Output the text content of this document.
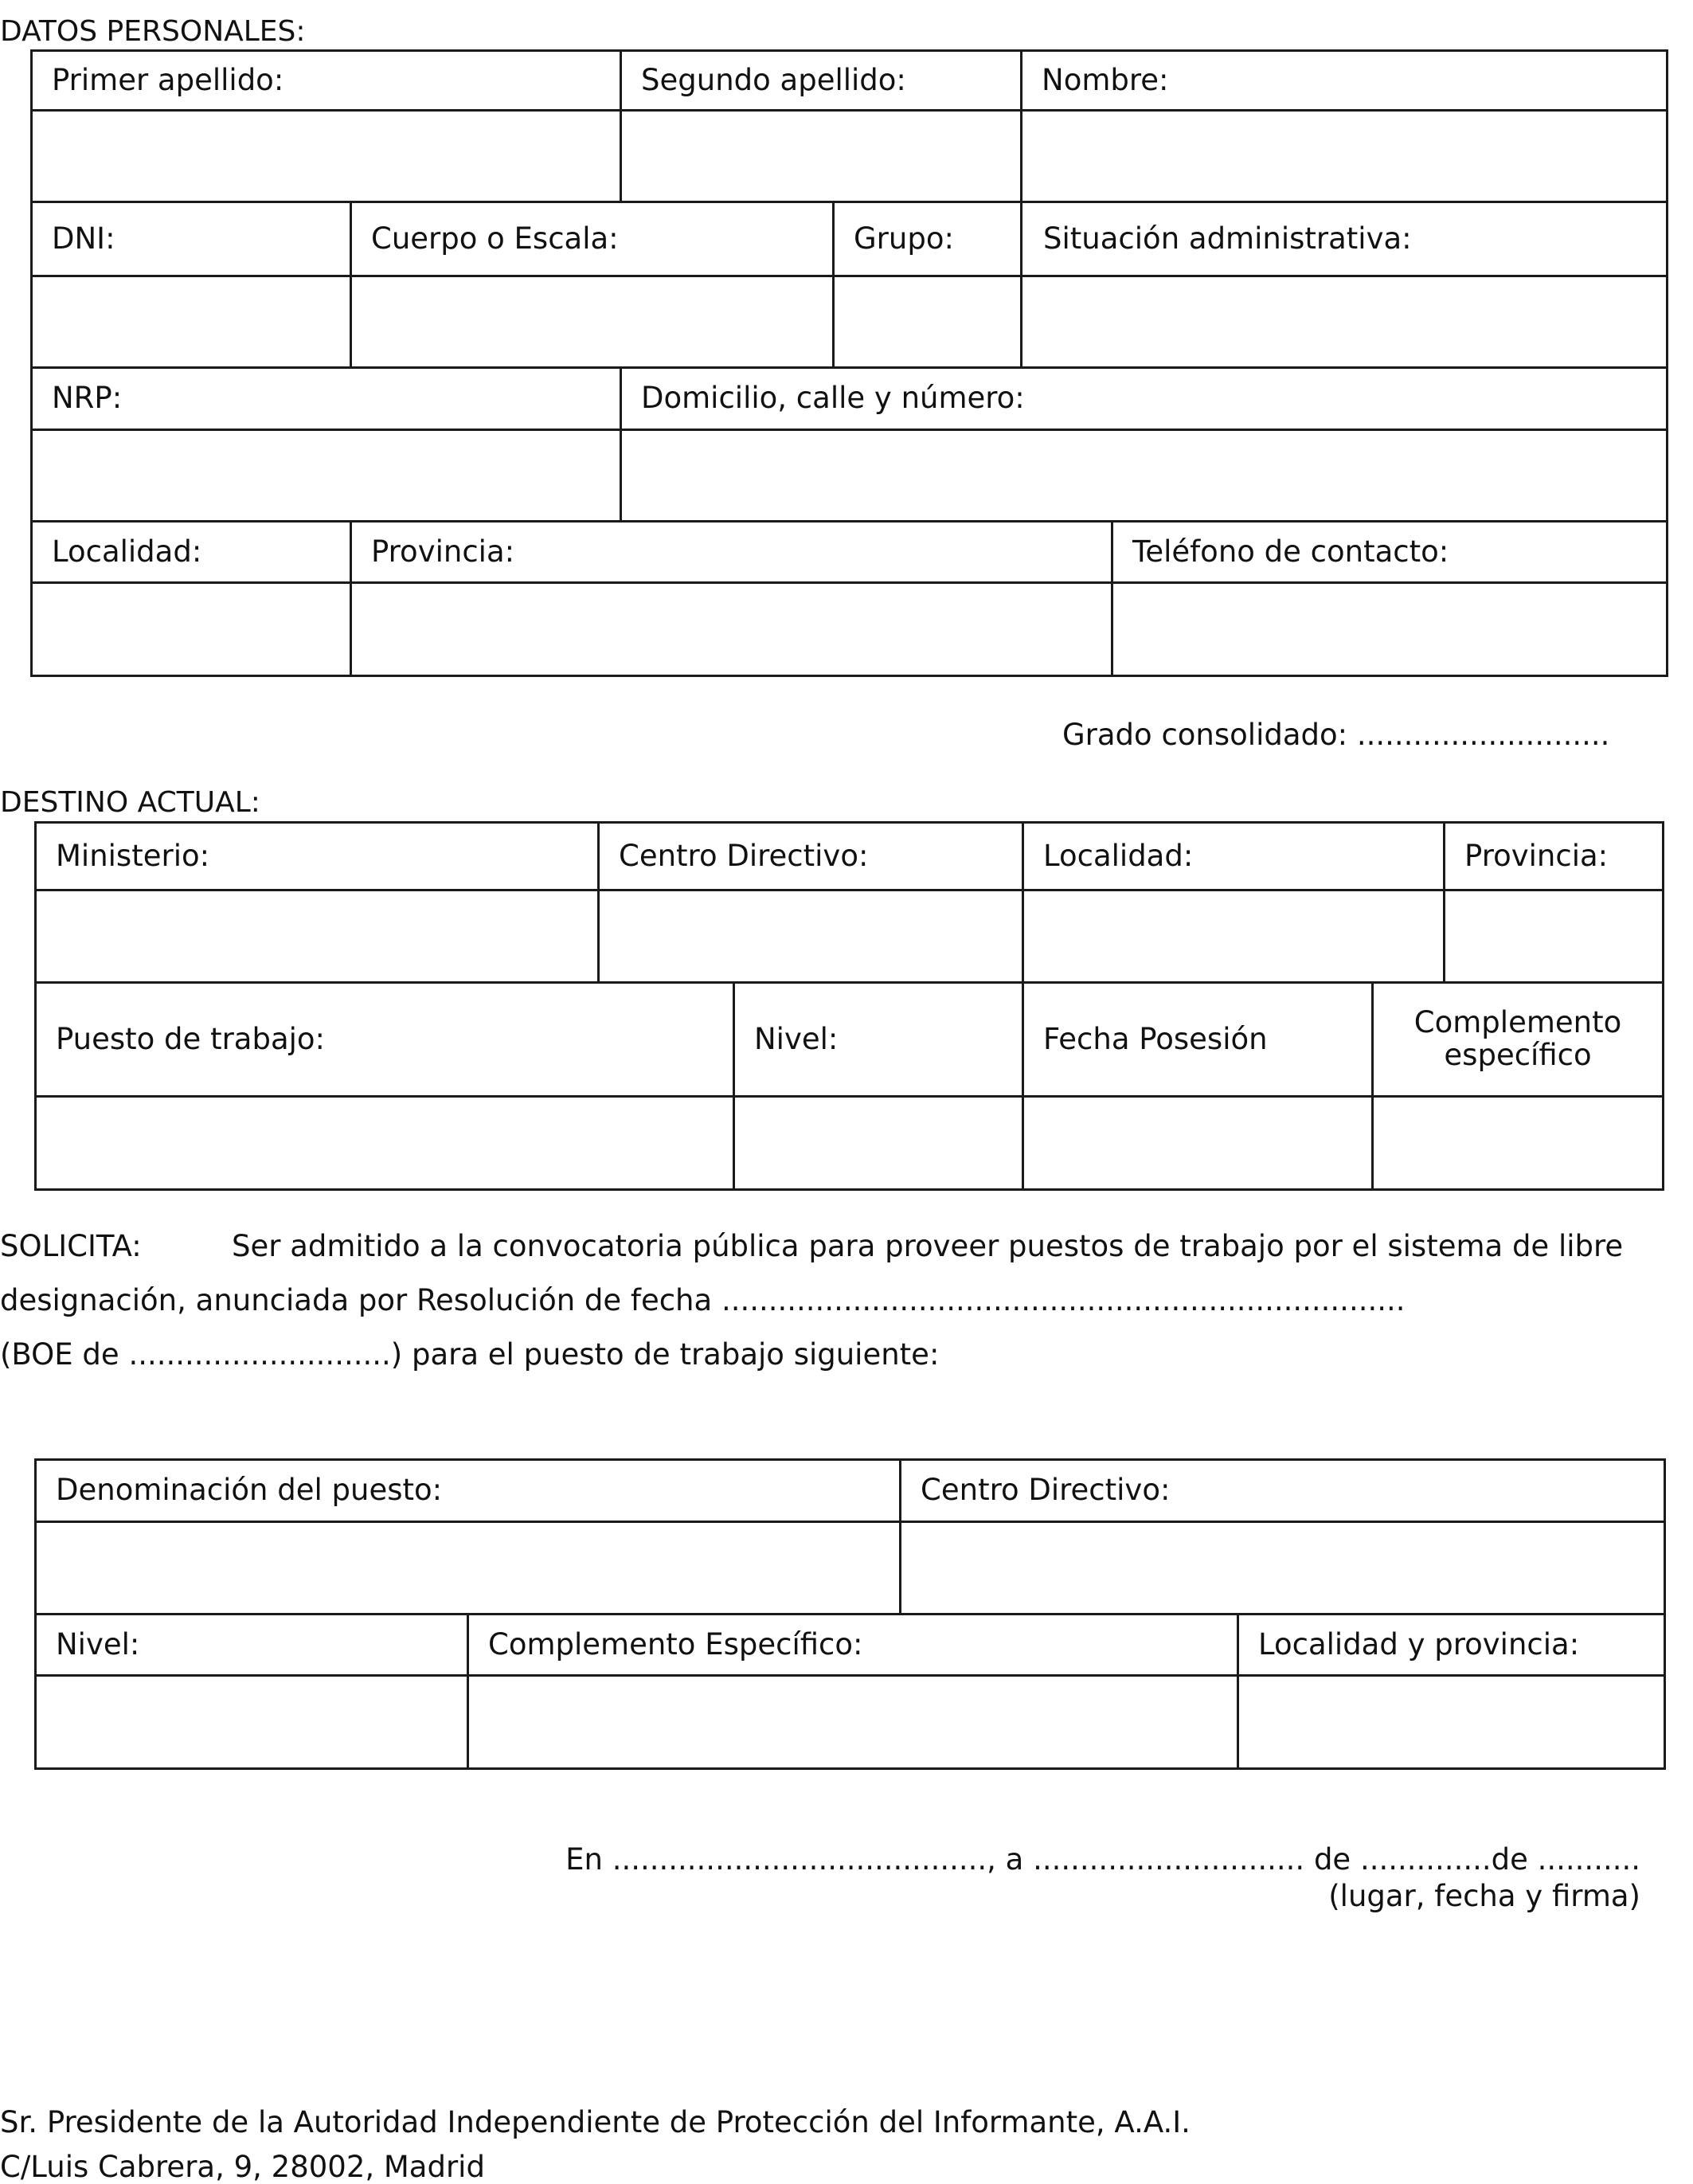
DATOS PERSONALES:
Primer apellido:		Segundo apellido:		Nombre:	

DNI:	Cuerpo o Escala:		Grupo:	Situación administrativa:	

NRP:		Domicilio, calle y número:			

Localidad:	Provincia:				Teléfono de contacto:

Grado consolidado: ...........................
DESTINO ACTUAL:
Ministerio:	Centro Directivo:		Localidad:		Provincia:

Puesto de trabajo:		Nivel:	Fecha Posesión	Complemento específico	

SOLICITA:	Ser admitido a la convocatoria pública para proveer puestos de trabajo por el sistema de libre
designación, anunciada por Resolución de fecha .........................................................................
(BOE de ............................) para el puesto de trabajo siguiente:
Denominación del puesto:		Centro Directivo:	

Nivel:	Complemento Específico:		Localidad y provincia:

En ........................................, a ............................. de ..............de ...........
(lugar, fecha y firma)
Sr. Presidente de la Autoridad Independiente de Protección del Informante, A.A.I.
C/Luis Cabrera, 9, 28002, Madrid
